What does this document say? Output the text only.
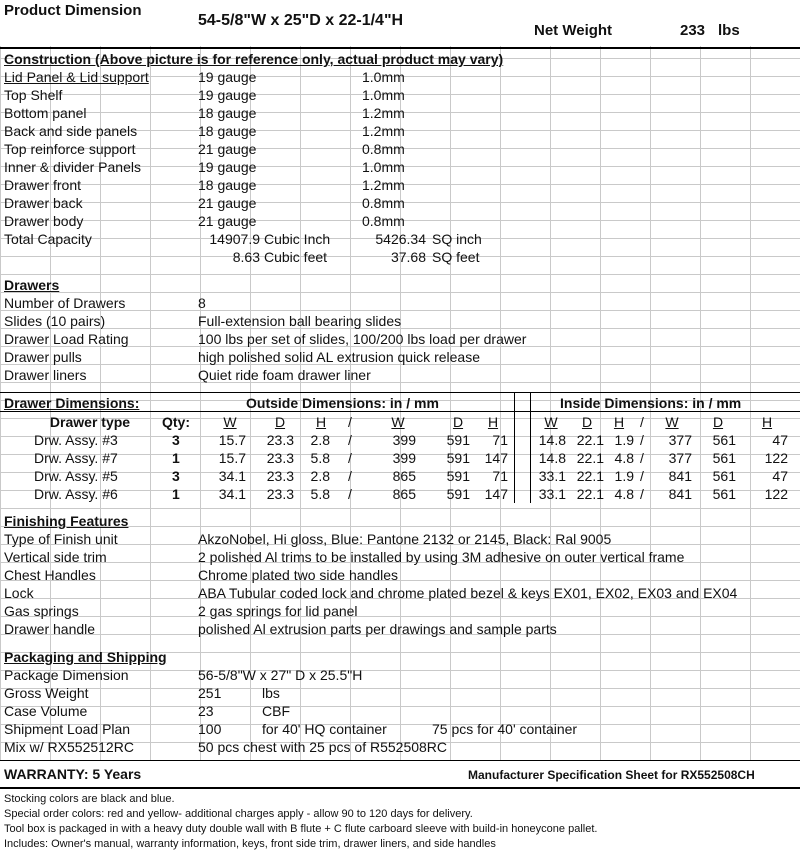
Product Dimension
54-5/8"W x 25"D x 22-1/4"H
Net Weight	233 lbs
Construction (Above picture is for reference only, actual product may vary)
Lid Panel & Lid support	19 gauge	1.0mm
Top Shelf	19 gauge	1.0mm
Bottom panel	18 gauge	1.2mm
Back and side panels	18 gauge	1.2mm
Top reinforce support	21 gauge	0.8mm
Inner & divider Panels	19 gauge	1.0mm
Drawer front	18 gauge	1.2mm
Drawer back	21 gauge	0.8mm
Drawer body	21 gauge	0.8mm
Total Capacity	14907.9 Cubic Inch	5426.34 SQ inch
8.63 Cubic feet	37.68 SQ feet
Drawers
Number of Drawers	8
Slides (10 pairs)	Full-extension ball bearing slides
Drawer Load Rating	100 lbs per set of slides, 100/200 lbs load per drawer
Drawer pulls	high polished solid AL extrusion quick release
Drawer liners	Quiet ride foam drawer liner
Drawer Dimensions:	Outside Dimensions: in / mm	Inside Dimensions: in / mm
Drawer type	Qty:	W	D	H	/	W	D	H	W	D	H	/	W	D	H
Drw. Assy. #3	3	15.7	23.3	2.8 /	399	591	71	14.8 22.1 1.9 /	377	561	47
Drw. Assy. #7	1	15.7	23.3	5.8 /	399	591	147	14.8 22.1 4.8 /	377	561	122
Drw. Assy. #5	3	34.1	23.3	2.8 /	865	591	71	33.1 22.1 1.9 /	841	561	47
Drw. Assy. #6	1	34.1	23.3	5.8 /	865	591	147	33.1 22.1 4.8 /	841	561	122
Finishing Features
Type of Finish unit	AkzoNobel, Hi gloss, Blue: Pantone 2132 or 2145, Black: Ral 9005
Vertical side trim	2 polished Al trims to be installed by using 3M adhesive on outer vertical frame
Chest Handles	Chrome plated two side handles
Lock	ABA Tubular coded lock and chrome plated bezel & keys EX01, EX02, EX03 and EX04
Gas springs	2 gas springs for lid panel
Drawer handle	polished Al extrusion parts per drawings and sample parts
Packaging and Shipping
Package Dimension	56-5/8"W x 27" D x 25.5"H
Gross Weight	251	lbs
Case Volume	23	CBF
Shipment Load Plan	100	for 40' HQ container	75 pcs for 40' container
Mix w/ RX552512RC	50 pcs chest with 25 pcs of R552508RC
WARRANTY: 5 Years	Manufacturer Specification Sheet for RX552508CH
Stocking colors are black and blue.
Special order colors: red and yellow- additional charges apply - allow 90 to 120 days for delivery.
Tool box is packaged in with a heavy duty double wall with B flute + C flute carboard sleeve with build-in honeycone pallet.
Includes: Owner's manual, warranty information, keys, front side trim, drawer liners, and side handles
